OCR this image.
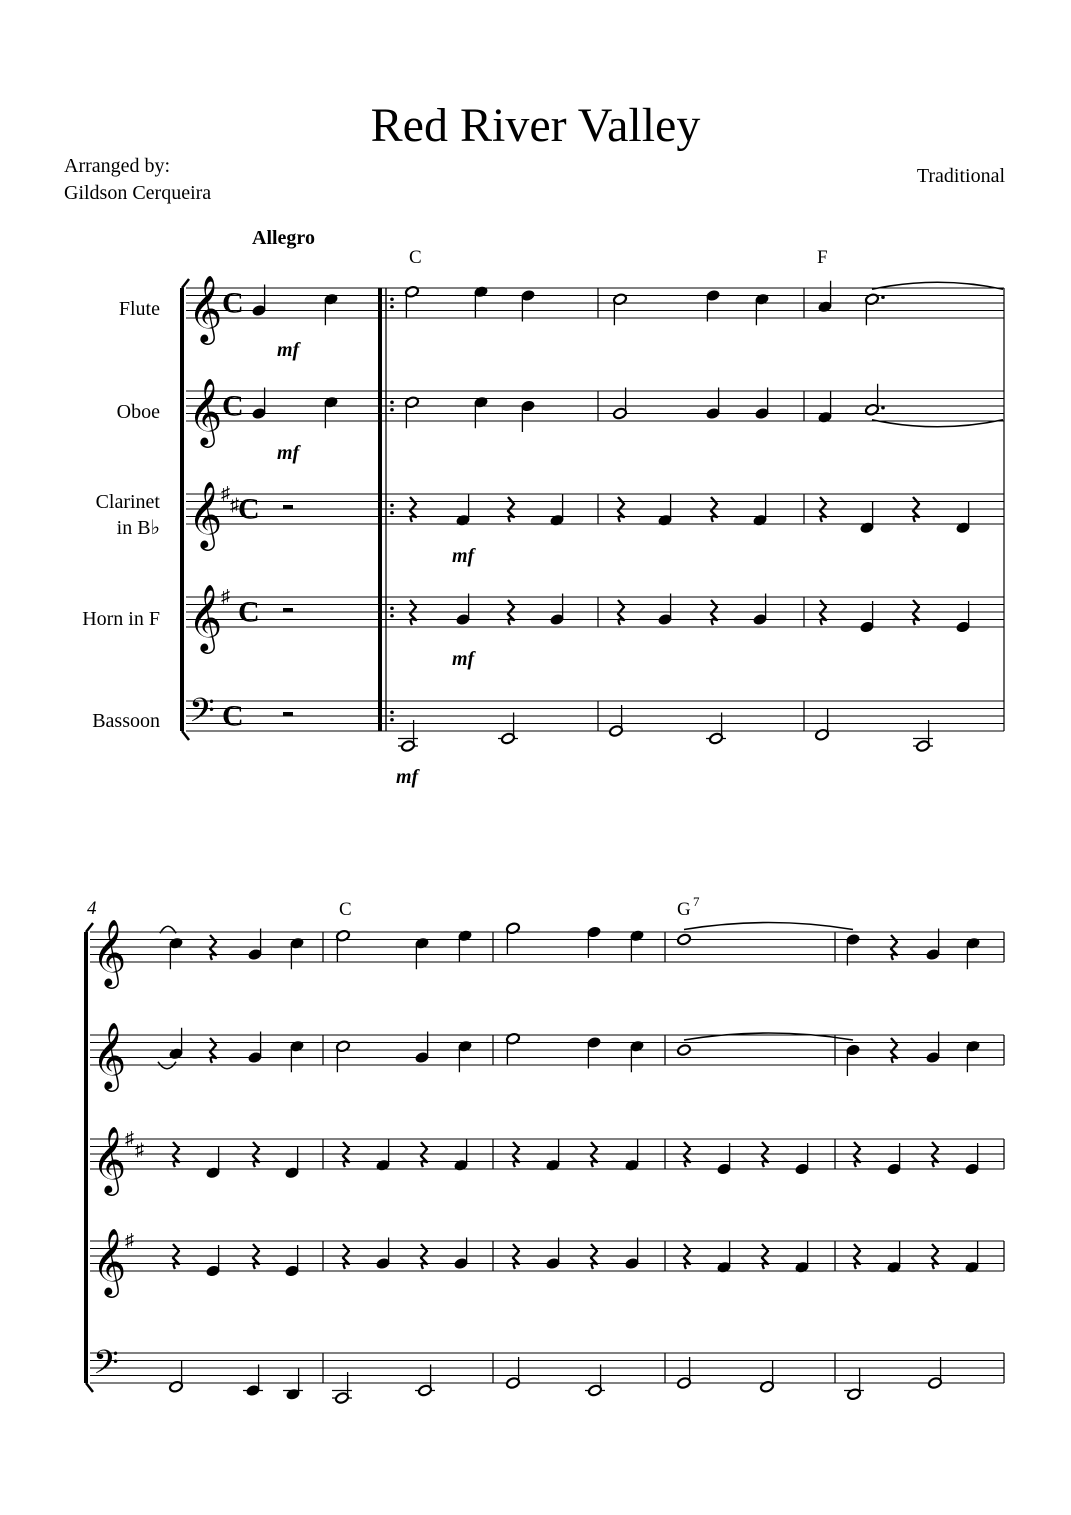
Red River Valley
Arranged by:
Gildson Cerqueira
Traditional
Allegro
Flute
Oboe
Clarinet
in B♭
Horn in F
Bassoon
𝄞
𝄞
𝄞
𝄞
𝄢
♯
♯
♯
C
C
C
C
C
C	F
mf
mf
mf
mf
mf
𝄞
𝄞
𝄞
𝄞
𝄢
♯
♯
♯
4	C	G 7
